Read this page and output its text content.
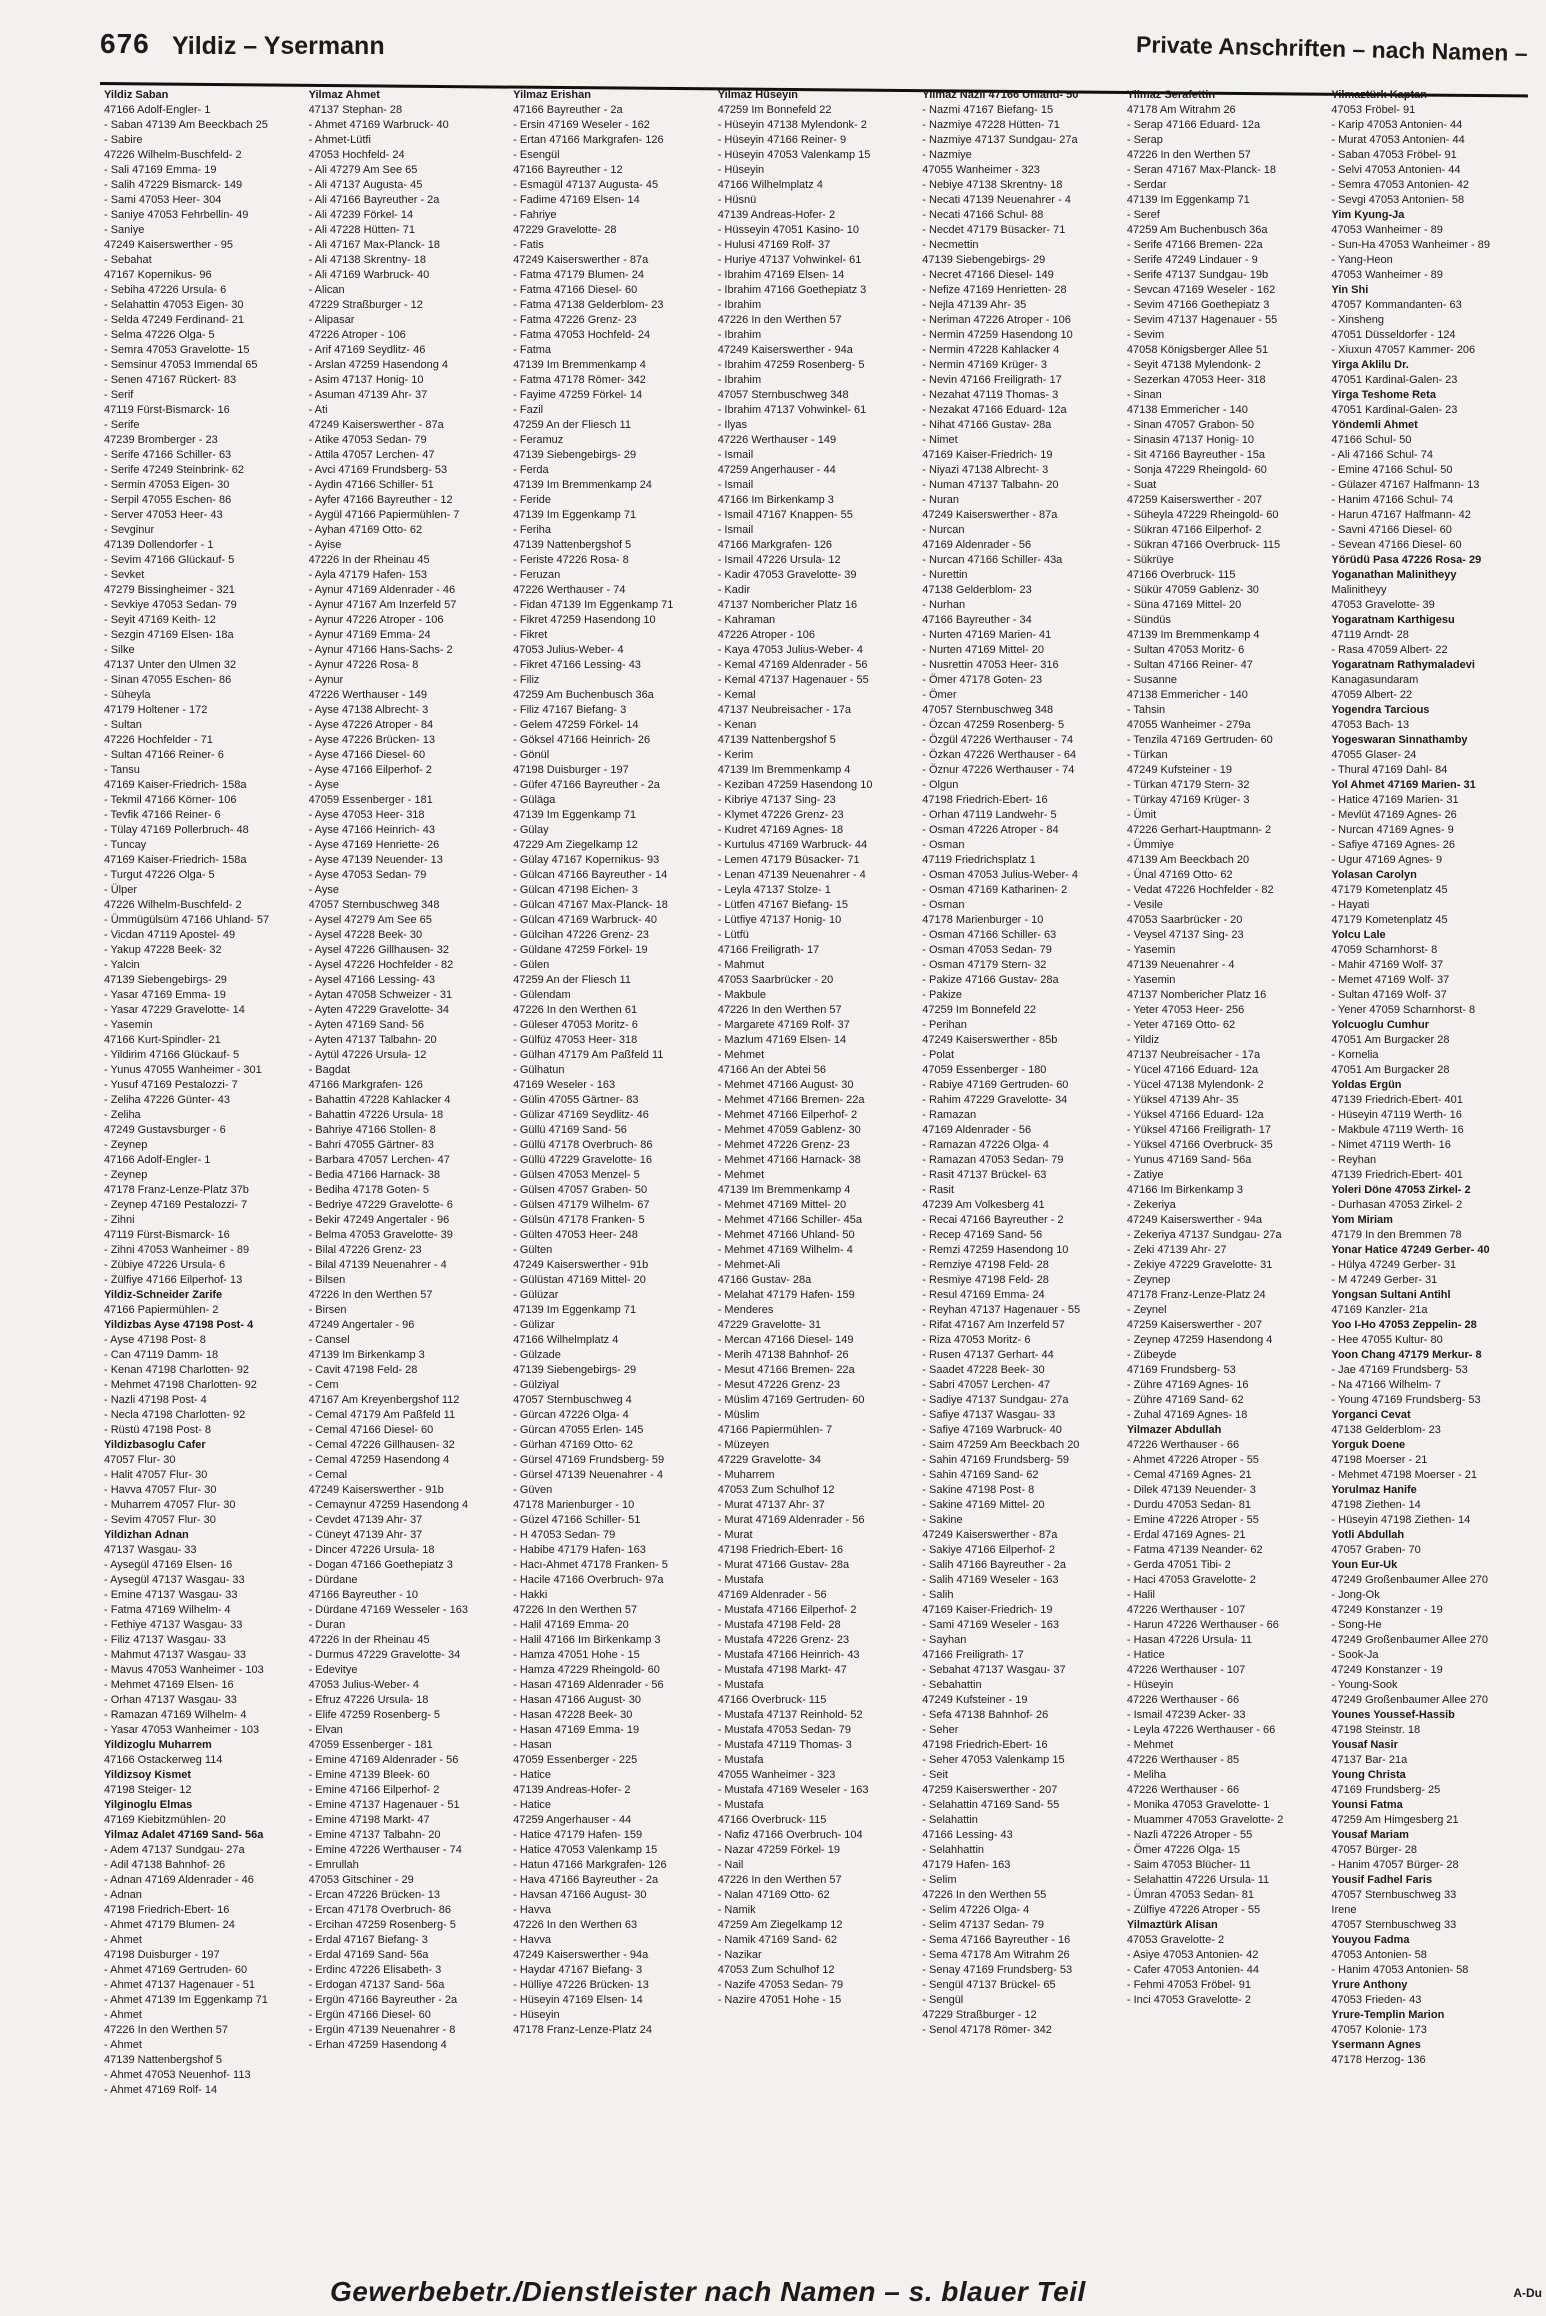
676 Yildiz – Ysermann	Private Anschriften – nach Namen –
Yildiz Saban
47166 Adolf-Engler- 1
- Saban 47139 Am Beeckbach 25
- Sabire
47226 Wilhelm-Buschfeld- 2
- Sali 47169 Emma- 19
- Salih 47229 Bismarck- 149
- Sami 47053 Heer- 304
- Saniye 47053 Fehrbellin- 49
- Saniye
47249 Kaiserswerther - 95
- Sebahat
47167 Kopernikus- 96
- Sebiha 47226 Ursula- 6
- Selahattin 47053 Eigen- 30
- Selda 47249 Ferdinand- 21
- Selma 47226 Olga- 5
- Semra 47053 Gravelotte- 15
- Semsinur 47053 Immendal 65
- Senen 47167 Rückert- 83
- Serif
47119 Fürst-Bismarck- 16
- Serife
47239 Bromberger - 23
- Serife 47166 Schiller- 63
- Serife 47249 Steinbrink- 62
- Sermin 47053 Eigen- 30
- Serpil 47055 Eschen- 86
- Server 47053 Heer- 43
- Sevginur
47139 Dollendorfer - 1
- Sevim 47166 Glückauf- 5
- Sevket
47279 Bissingheimer - 321
- Sevkiye 47053 Sedan- 79
- Seyit 47169 Keith- 12
- Sezgin 47169 Elsen- 18a
- Silke
47137 Unter den Ulmen 32
- Sinan 47055 Eschen- 86
- Süheyla
47179 Holtener - 172
- Sultan
47226 Hochfelder - 71
- Sultan 47166 Reiner- 6
- Tansu
47169 Kaiser-Friedrich- 158a
- Tekmil 47166 Körner- 106
- Tevfik 47166 Reiner- 6
- Tülay 47169 Pollerbruch- 48
- Tuncay
47169 Kaiser-Friedrich- 158a
- Turgut 47226 Olga- 5
- Ülper
47226 Wilhelm-Buschfeld- 2
- Ümmügülsüm 47166 Uhland- 57
- Vicdan 47119 Apostel- 49
- Yakup 47228 Beek- 32
- Yalcin
47139 Siebengebirgs- 29
- Yasar 47169 Emma- 19
- Yasar 47229 Gravelotte- 14
- Yasemin
47166 Kurt-Spindler- 21
- Yildirim 47166 Glückauf- 5
- Yunus 47055 Wanheimer - 301
- Yusuf 47169 Pestalozzi- 7
- Zeliha 47226 Günter- 43
- Zeliha
47249 Gustavsburger - 6
- Zeynep
47166 Adolf-Engler- 1
- Zeynep
47178 Franz-Lenze-Platz 37b
- Zeynep 47169 Pestalozzi- 7
- Zihni
47119 Fürst-Bismarck- 16
- Zihni 47053 Wanheimer - 89
- Zübiye 47226 Ursula- 6
- Zülfiye 47166 Eilperhof- 13
Yildiz-Schneider Zarife
47166 Papiermühlen- 2
Yildizbas Ayse 47198 Post- 4
- Ayse 47198 Post- 8
- Can 47119 Damm- 18
- Kenan 47198 Charlotten- 92
- Mehmet 47198 Charlotten- 92
- Nazli 47198 Post- 4
- Necla 47198 Charlotten- 92
- Rüstü 47198 Post- 8
Yildizbasoglu Cafer
47057 Flur- 30
- Halit 47057 Flur- 30
- Havva 47057 Flur- 30
- Muharrem 47057 Flur- 30
- Sevim 47057 Flur- 30
Yildizhan Adnan
47137 Wasgau- 33
- Aysegül 47169 Elsen- 16
- Aysegül 47137 Wasgau- 33
- Emine 47137 Wasgau- 33
- Fatma 47169 Wilhelm- 4
- Fethiye 47137 Wasgau- 33
- Filiz 47137 Wasgau- 33
- Mahmut 47137 Wasgau- 33
- Mavus 47053 Wanheimer - 103
- Mehmet 47169 Elsen- 16
- Orhan 47137 Wasgau- 33
- Ramazan 47169 Wilhelm- 4
- Yasar 47053 Wanheimer - 103
Yildizoglu Muharrem
47166 Ostackerweg 114
Yildizsoy Kismet
47198 Steiger- 12
Yilginoglu Elmas
47169 Kiebitzmühlen- 20
Yilmaz Adalet 47169 Sand- 56a
- Adem 47137 Sundgau- 27a
- Adil 47138 Bahnhof- 26
- Adnan 47169 Aldenrader - 46
- Adnan
47198 Friedrich-Ebert- 16
- Ahmet 47179 Blumen- 24
- Ahmet
47198 Duisburger - 197
- Ahmet 47169 Gertruden- 60
- Ahmet 47137 Hagenauer - 51
- Ahmet 47139 Im Eggenkamp 71
- Ahmet
47226 In den Werthen 57
- Ahmet
47139 Nattenbergshof 5
- Ahmet 47053 Neuenhof- 113
- Ahmet 47169 Rolf- 14
Yilmaz Ahmet
47137 Stephan- 28
- Ahmet 47169 Warbruck- 40
- Ahmet-Lütfi
47053 Hochfeld- 24
- Ali 47279 Am See 65
- Ali 47137 Augusta- 45
- Ali 47166 Bayreuther - 2a
- Ali 47239 Förkel- 14
- Ali 47228 Hütten- 71
- Ali 47167 Max-Planck- 18
- Ali 47138 Skrentny- 18
- Ali 47169 Warbruck- 40
- Alican
47229 Straßburger - 12
- Alipasar
47226 Atroper - 106
- Arif 47169 Seydlitz- 46
- Arslan 47259 Hasendong 4
- Asim 47137 Honig- 10
- Asuman 47139 Ahr- 37
- Ati
47249 Kaiserswerther - 87a
- Atike 47053 Sedan- 79
- Attila 47057 Lerchen- 47
- Avci 47169 Frundsberg- 53
- Aydin 47166 Schiller- 51
- Ayfer 47166 Bayreuther - 12
- Aygül 47166 Papiermühlen- 7
- Ayhan 47169 Otto- 62
- Ayise
47226 In der Rheinau 45
- Ayla 47179 Hafen- 153
- Aynur 47169 Aldenrader - 46
- Aynur 47167 Am Inzerfeld 57
- Aynur 47226 Atroper - 106
- Aynur 47169 Emma- 24
- Aynur 47166 Hans-Sachs- 2
- Aynur 47226 Rosa- 8
- Aynur
47226 Werthauser - 149
- Ayse 47138 Albrecht- 3
- Ayse 47226 Atroper - 84
- Ayse 47226 Brücken- 13
- Ayse 47166 Diesel- 60
- Ayse 47166 Eilperhof- 2
- Ayse
47059 Essenberger - 181
- Ayse 47053 Heer- 318
- Ayse 47166 Heinrich- 43
- Ayse 47169 Henriette- 26
- Ayse 47139 Neuender- 13
- Ayse 47053 Sedan- 79
- Ayse
47057 Sternbuschweg 348
- Aysel 47279 Am See 65
- Aysel 47228 Beek- 30
- Aysel 47226 Gillhausen- 32
- Aysel 47226 Hochfelder - 82
- Aysel 47166 Lessing- 43
- Aytan 47058 Schweizer - 31
- Ayten 47229 Gravelotte- 34
- Ayten 47169 Sand- 56
- Ayten 47137 Talbahn- 20
- Aytül 47226 Ursula- 12
- Bagdat
47166 Markgrafen- 126
- Bahattin 47228 Kahlacker 4
- Bahattin 47226 Ursula- 18
- Bahriye 47166 Stollen- 8
- Bahri 47055 Gärtner- 83
- Barbara 47057 Lerchen- 47
- Bedia 47166 Harnack- 38
- Bediha 47178 Goten- 5
- Bedriye 47229 Gravelotte- 6
- Bekir 47249 Angertaler - 96
- Belma 47053 Gravelotte- 39
- Bilal 47226 Grenz- 23
- Bilal 47139 Neuenahrer - 4
- Bilsen
47226 In den Werthen 57
- Birsen
47249 Angertaler - 96
- Cansel
47139 Im Birkenkamp 3
- Cavit 47198 Feld- 28
- Cem
47167 Am Kreyenbergshof 112
- Cemal 47179 Am Paßfeld 11
- Cemal 47166 Diesel- 60
- Cemal 47226 Gillhausen- 32
- Cemal 47259 Hasendong 4
- Cemal
47249 Kaiserswerther - 91b
- Cemaynur 47259 Hasendong 4
- Cevdet 47139 Ahr- 37
- Cüneyt 47139 Ahr- 37
- Dincer 47226 Ursula- 18
- Dogan 47166 Goethepiatz 3
- Dürdane
47166 Bayreuther - 10
- Dürdane 47169 Wesseler - 163
- Duran
47226 In der Rheinau 45
- Durmus 47229 Gravelotte- 34
- Edevitye
47053 Julius-Weber- 4
- Efruz 47226 Ursula- 18
- Elife 47259 Rosenberg- 5
- Elvan
47059 Essenberger - 181
- Emine 47169 Aldenrader - 56
- Emine 47139 Bleek- 60
- Emine 47166 Eilperhof- 2
- Emine 47137 Hagenauer - 51
- Emine 47198 Markt- 47
- Emine 47137 Talbahn- 20
- Emine 47226 Werthauser - 74
- Emrullah
47053 Gitschiner - 29
- Ercan 47226 Brücken- 13
- Ercan 47178 Overbruch- 86
- Ercihan 47259 Rosenberg- 5
- Erdal 47167 Biefang- 3
- Erdal 47169 Sand- 56a
- Erdinc 47226 Elisabeth- 3
- Erdogan 47137 Sand- 56a
- Ergün 47166 Bayreuther - 2a
- Ergün 47166 Diesel- 60
- Ergün 47139 Neuenahrer - 8
- Erhan 47259 Hasendong 4
Yilmaz Erishan
47166 Bayreuther - 2a
- Ersin 47169 Weseler - 162
- Ertan 47166 Markgrafen- 126
- Esengül
47166 Bayreuther - 12
- Esmagül 47137 Augusta- 45
- Fadime 47169 Elsen- 14
- Fahriye
47229 Gravelotte- 28
- Fatis
47249 Kaiserswerther - 87a
- Fatma 47179 Blumen- 24
- Fatma 47166 Diesel- 60
- Fatma 47138 Gelderblom- 23
- Fatma 47226 Grenz- 23
- Fatma 47053 Hochfeld- 24
- Fatma
47139 Im Bremmenkamp 4
- Fatma 47178 Römer- 342
- Fayime 47259 Förkel- 14
- Fazil
47259 An der Fliesch 11
- Feramuz
47139 Siebengebirgs- 29
- Ferda
47139 Im Bremmenkamp 24
- Feride
47139 Im Eggenkamp 71
- Feriha
47139 Nattenbergshof 5
- Feriste 47226 Rosa- 8
- Feruzan
47226 Werthauser - 74
- Fidan 47139 Im Eggenkamp 71
- Fikret 47259 Hasendong 10
- Fikret
47053 Julius-Weber- 4
- Fikret 47166 Lessing- 43
- Filiz
47259 Am Buchenbusch 36a
- Filiz 47167 Biefang- 3
- Gelem 47259 Förkel- 14
- Göksel 47166 Heinrich- 26
- Gönül
47198 Duisburger - 197
- Güfer 47166 Bayreuther - 2a
- Güläga
47139 Im Eggenkamp 71
- Gülay
47229 Am Ziegelkamp 12
- Gülay 47167 Kopernikus- 93
- Gülcan 47166 Bayreuther - 14
- Gülcan 47198 Eichen- 3
- Gülcan 47167 Max-Planck- 18
- Gülcan 47169 Warbruck- 40
- Gülcihan 47226 Grenz- 23
- Güldane 47259 Förkel- 19
- Gülen
47259 An der Fliesch 11
- Gülendam
47226 In den Werthen 61
- Güleser 47053 Moritz- 6
- Gülfüz 47053 Heer- 318
- Gülhan 47179 Am Paßfeld 11
- Gülhatun
47169 Weseler - 163
- Gülin 47055 Gärtner- 83
- Gülizar 47169 Seydlitz- 46
- Güllü 47169 Sand- 56
- Güllü 47178 Overbruch- 86
- Güllü 47229 Gravelotte- 16
- Gülsen 47053 Menzel- 5
- Gülsen 47057 Graben- 50
- Gülsen 47179 Wilhelm- 67
- Gülsün 47178 Franken- 5
- Gülten 47053 Heer- 248
- Gülten
47249 Kaiserswerther - 91b
- Gülüstan 47169 Mittel- 20
- Gülüzar
47139 Im Eggenkamp 71
- Gülizar
47166 Wilhelmplatz 4
- Gülzade
47139 Siebengebirgs- 29
- Gülziyal
47057 Sternbuschweg 4
- Gürcan 47226 Olga- 4
- Gürcan 47055 Erlen- 145
- Gürhan 47169 Otto- 62
- Gürsel 47169 Frundsberg- 59
- Gürsel 47139 Neuenahrer - 4
- Güven
47178 Marienburger - 10
- Güzel 47166 Schiller- 51
- H 47053 Sedan- 79
- Habibe 47179 Hafen- 163
- Hacı-Ahmet 47178 Franken- 5
- Hacile 47166 Overbruch- 97a
- Hakki
47226 In den Werthen 57
- Halil 47169 Emma- 20
- Halil 47166 Im Birkenkamp 3
- Hamza 47051 Hohe - 15
- Hamza 47229 Rheingold- 60
- Hasan 47169 Aldenrader - 56
- Hasan 47166 August- 30
- Hasan 47228 Beek- 30
- Hasan 47169 Emma- 19
- Hasan
47059 Essenberger - 225
- Hatice
47139 Andreas-Hofer- 2
- Hatice
47259 Angerhauser - 44
- Hatice 47179 Hafen- 159
- Hatice 47053 Valenkamp 15
- Hatun 47166 Markgrafen- 126
- Hava 47166 Bayreuther - 2a
- Havsan 47166 August- 30
- Havva
47226 In den Werthen 63
- Havva
47249 Kaiserswerther - 94a
- Haydar 47167 Biefang- 3
- Hülliye 47226 Brücken- 13
- Hüseyin 47169 Elsen- 14
- Hüseyin
47178 Franz-Lenze-Platz 24
Yilmaz Hüseyin
47259 Im Bonnefeld 22
- Hüseyin 47138 Mylendonk- 2
- Hüseyin 47166 Reiner- 9
- Hüseyin 47053 Valenkamp 15
- Hüseyin
47166 Wilhelmplatz 4
- Hüsnü
47139 Andreas-Hofer- 2
- Hüsseyin 47051 Kasino- 10
- Hulusi 47169 Rolf- 37
- Huriye 47137 Vohwinkel- 61
- Ibrahim 47169 Elsen- 14
- Ibrahim 47166 Goethepiatz 3
- Ibrahim
47226 In den Werthen 57
- Ibrahim
47249 Kaiserswerther - 94a
- Ibrahim 47259 Rosenberg- 5
- Ibrahim
47057 Sternbuschweg 348
- Ibrahim 47137 Vohwinkel- 61
- Ilyas
47226 Werthauser - 149
- Ismail
47259 Angerhauser - 44
- Ismail
47166 Im Birkenkamp 3
- Ismail 47167 Knappen- 55
- Ismail
47166 Markgrafen- 126
- Ismail 47226 Ursula- 12
- Kadir 47053 Gravelotte- 39
- Kadir
47137 Nombericher Platz 16
- Kahraman
47226 Atroper - 106
- Kaya 47053 Julius-Weber- 4
- Kemal 47169 Aldenrader - 56
- Kemal 47137 Hagenauer - 55
- Kemal
47137 Neubreisacher - 17a
- Kenan
47139 Nattenbergshof 5
- Kerim
47139 Im Bremmenkamp 4
- Keziban 47259 Hasendong 10
- Kibriye 47137 Sing- 23
- Klymet 47226 Grenz- 23
- Kudret 47169 Agnes- 18
- Kurtulus 47169 Warbruck- 44
- Lemen 47179 Büsacker- 71
- Lenan 47139 Neuenahrer - 4
- Leyla 47137 Stolze- 1
- Lütfen 47167 Biefang- 15
- Lütfiye 47137 Honig- 10
- Lütfü
47166 Freiligrath- 17
- Mahmut
47053 Saarbrücker - 20
- Makbule
47226 In den Werthen 57
- Margarete 47169 Rolf- 37
- Mazlum 47169 Elsen- 14
- Mehmet
47166 An der Abtei 56
- Mehmet 47166 August- 30
- Mehmet 47166 Bremen- 22a
- Mehmet 47166 Eilperhof- 2
- Mehmet 47059 Gablenz- 30
- Mehmet 47226 Grenz- 23
- Mehmet 47166 Harnack- 38
- Mehmet
47139 Im Bremmenkamp 4
- Mehmet 47169 Mittel- 20
- Mehmet 47166 Schiller- 45a
- Mehmet 47166 Uhland- 50
- Mehmet 47169 Wilhelm- 4
- Mehmet-Ali
47166 Gustav- 28a
- Melahat 47179 Hafen- 159
- Menderes
47229 Gravelotte- 31
- Mercan 47166 Diesel- 149
- Merih 47138 Bahnhof- 26
- Mesut 47166 Bremen- 22a
- Mesut 47226 Grenz- 23
- Müslim 47169 Gertruden- 60
- Müslim
47166 Papiermühlen- 7
- Müzeyen
47229 Gravelotte- 34
- Muharrem
47053 Zum Schulhof 12
- Murat 47137 Ahr- 37
- Murat 47169 Aldenrader - 56
- Murat
47198 Friedrich-Ebert- 16
- Murat 47166 Gustav- 28a
- Mustafa
47169 Aldenrader - 56
- Mustafa 47166 Eilperhof- 2
- Mustafa 47198 Feld- 28
- Mustafa 47226 Grenz- 23
- Mustafa 47166 Heinrich- 43
- Mustafa 47198 Markt- 47
- Mustafa
47166 Overbruck- 115
- Mustafa 47137 Reinhold- 52
- Mustafa 47053 Sedan- 79
- Mustafa 47119 Thomas- 3
- Mustafa
47055 Wanheimer - 323
- Mustafa 47169 Weseler - 163
- Mustafa
47166 Overbruck- 115
- Nafiz 47166 Overbruch- 104
- Nazar 47259 Förkel- 19
- Nail
47226 In den Werthen 57
- Nalan 47169 Otto- 62
- Namik
47259 Am Ziegelkamp 12
- Namik 47169 Sand- 62
- Nazikar
47053 Zum Schulhof 12
- Nazife 47053 Sedan- 79
- Nazire 47051 Hohe - 15
Yilmaz Nazli 47166 Uhland- 50
- Nazmi 47167 Biefang- 15
- Nazmiye 47228 Hütten- 71
- Nazmiye 47137 Sundgau- 27a
- Nazmiye
47055 Wanheimer - 323
- Nebiye 47138 Skrentny- 18
- Necati 47139 Neuenahrer - 4
- Necati 47166 Schul- 88
- Necdet 47179 Büsacker- 71
- Necmettin
47139 Siebengebirgs- 29
- Necret 47166 Diesel- 149
- Nefize 47169 Henrietten- 28
- Nejla 47139 Ahr- 35
- Neriman 47226 Atroper - 106
- Nermin 47259 Hasendong 10
- Nermin 47228 Kahlacker 4
- Nermin 47169 Krüger- 3
- Nevin 47166 Freiligrath- 17
- Nezahat 47119 Thomas- 3
- Nezakat 47166 Eduard- 12a
- Nihat 47166 Gustav- 28a
- Nimet
47169 Kaiser-Friedrich- 19
- Niyazi 47138 Albrecht- 3
- Numan 47137 Talbahn- 20
- Nuran
47249 Kaiserswerther - 87a
- Nurcan
47169 Aldenrader - 56
- Nurcan 47166 Schiller- 43a
- Nurettin
47138 Gelderblom- 23
- Nurhan
47166 Bayreuther - 34
- Nurten 47169 Marien- 41
- Nurten 47169 Mittel- 20
- Nusrettin 47053 Heer- 316
- Ömer 47178 Goten- 23
- Ömer
47057 Sternbuschweg 348
- Özcan 47259 Rosenberg- 5
- Özgül 47226 Werthauser - 74
- Özkan 47226 Werthauser - 64
- Öznur 47226 Werthauser - 74
- Olgun
47198 Friedrich-Ebert- 16
- Orhan 47119 Landwehr- 5
- Osman 47226 Atroper - 84
- Osman
47119 Friedrichsplatz 1
- Osman 47053 Julius-Weber- 4
- Osman 47169 Katharinen- 2
- Osman
47178 Marienburger - 10
- Osman 47166 Schiller- 63
- Osman 47053 Sedan- 79
- Osman 47179 Stern- 32
- Pakize 47166 Gustav- 28a
- Pakize
47259 Im Bonnefeld 22
- Perihan
47249 Kaiserswerther - 85b
- Polat
47059 Essenberger - 180
- Rabiye 47169 Gertruden- 60
- Rahim 47229 Gravelotte- 34
- Ramazan
47169 Aldenrader - 56
- Ramazan 47226 Olga- 4
- Ramazan 47053 Sedan- 79
- Rasit 47137 Brückel- 63
- Rasit
47239 Am Volkesberg 41
- Recai 47166 Bayreuther - 2
- Recep 47169 Sand- 56
- Remzi 47259 Hasendong 10
- Remziye 47198 Feld- 28
- Resmiye 47198 Feld- 28
- Resul 47169 Emma- 24
- Reyhan 47137 Hagenauer - 55
- Rifat 47167 Am Inzerfeld 57
- Riza 47053 Moritz- 6
- Rusen 47137 Gerhart- 44
- Saadet 47228 Beek- 30
- Sabri 47057 Lerchen- 47
- Sadiye 47137 Sundgau- 27a
- Safiye 47137 Wasgau- 33
- Safiye 47169 Warbruck- 40
- Saim 47259 Am Beeckbach 20
- Sahin 47169 Frundsberg- 59
- Sahin 47169 Sand- 62
- Sakine 47198 Post- 8
- Sakine 47169 Mittel- 20
- Sakine
47249 Kaiserswerther - 87a
- Sakiye 47166 Eilperhof- 2
- Salih 47166 Bayreuther - 2a
- Salih 47169 Weseler - 163
- Salih
47169 Kaiser-Friedrich- 19
- Sami 47169 Weseler - 163
- Sayhan
47166 Freiligrath- 17
- Sebahat 47137 Wasgau- 37
- Sebahattin
47249 Kufsteiner - 19
- Sefa 47138 Bahnhof- 26
- Seher
47198 Friedrich-Ebert- 16
- Seher 47053 Valenkamp 15
- Seit
47259 Kaiserswerther - 207
- Selahattin 47169 Sand- 55
- Selahattin
47166 Lessing- 43
- Selahhattin
47179 Hafen- 163
- Selim
47226 In den Werthen 55
- Selim 47226 Olga- 4
- Selim 47137 Sedan- 79
- Sema 47166 Bayreuther - 16
- Sema 47178 Am Witrahm 26
- Senay 47169 Frundsberg- 53
- Sengül 47137 Brückel- 65
- Sengül
47229 Straßburger - 12
- Senol 47178 Römer- 342
Yilmaz Serafettin
47178 Am Witrahm 26
- Serap 47166 Eduard- 12a
- Serap
47226 In den Werthen 57
- Seran 47167 Max-Planck- 18
- Serdar
47139 Im Eggenkamp 71
- Seref
47259 Am Buchenbusch 36a
- Serife 47166 Bremen- 22a
- Serife 47249 Lindauer - 9
- Serife 47137 Sundgau- 19b
- Sevcan 47169 Weseler - 162
- Sevim 47166 Goethepiatz 3
- Sevim 47137 Hagenauer - 55
- Sevim
47058 Königsberger Allee 51
- Seyit 47138 Mylendonk- 2
- Sezerkan 47053 Heer- 318
- Sinan
47138 Emmericher - 140
- Sinan 47057 Grabon- 50
- Sinasin 47137 Honig- 10
- Sit 47166 Bayreuther - 15a
- Sonja 47229 Rheingold- 60
- Suat
47259 Kaiserswerther - 207
- Süheyla 47229 Rheingold- 60
- Sükran 47166 Eilperhof- 2
- Sükran 47166 Overbruck- 115
- Sükrüye
47166 Overbruck- 115
- Sükür 47059 Gablenz- 30
- Süna 47169 Mittel- 20
- Sündüs
47139 Im Bremmenkamp 4
- Sultan 47053 Moritz- 6
- Sultan 47166 Reiner- 47
- Susanne
47138 Emmericher - 140
- Tahsin
47055 Wanheimer - 279a
- Tenzila 47169 Gertruden- 60
- Türkan
47249 Kufsteiner - 19
- Türkan 47179 Stern- 32
- Türkay 47169 Krüger- 3
- Ümit
47226 Gerhart-Hauptmann- 2
- Ümmiye
47139 Am Beeckbach 20
- Ünal 47169 Otto- 62
- Vedat 47226 Hochfelder - 82
- Vesile
47053 Saarbrücker - 20
- Veysel 47137 Sing- 23
- Yasemin
47139 Neuenahrer - 4
- Yasemin
47137 Nombericher Platz 16
- Yeter 47053 Heer- 256
- Yeter 47169 Otto- 62
- Yildiz
47137 Neubreisacher - 17a
- Yücel 47166 Eduard- 12a
- Yücel 47138 Mylendonk- 2
- Yüksel 47139 Ahr- 35
- Yüksel 47166 Eduard- 12a
- Yüksel 47166 Freiligrath- 17
- Yüksel 47166 Overbruck- 35
- Yunus 47169 Sand- 56a
- Zatiye
47166 Im Birkenkamp 3
- Zekeriya
47249 Kaiserswerther - 94a
- Zekeriya 47137 Sundgau- 27a
- Zeki 47139 Ahr- 27
- Zekiye 47229 Gravelotte- 31
- Zeynep
47178 Franz-Lenze-Platz 24
- Zeynel
47259 Kaiserswerther - 207
- Zeynep 47259 Hasendong 4
- Zübeyde
47169 Frundsberg- 53
- Zühre 47169 Agnes- 16
- Zühre 47169 Sand- 62
- Zuhal 47169 Agnes- 18
Yilmazer Abdullah
47226 Werthauser - 66
- Ahmet 47226 Atroper - 55
- Cemal 47169 Agnes- 21
- Dilek 47139 Neuender- 3
- Durdu 47053 Sedan- 81
- Emine 47226 Atroper - 55
- Erdal 47169 Agnes- 21
- Fatma 47139 Neander- 62
- Gerda 47051 Tibi- 2
- Haci 47053 Gravelotte- 2
- Halil
47226 Werthauser - 107
- Harun 47226 Werthauser - 66
- Hasan 47226 Ursula- 11
- Hatice
47226 Werthauser - 107
- Hüseyin
47226 Werthauser - 66
- Ismail 47239 Acker- 33
- Leyla 47226 Werthauser - 66
- Mehmet
47226 Werthauser - 85
- Meliha
47226 Werthauser - 66
- Monika 47053 Gravelotte- 1
- Muammer 47053 Gravelotte- 2
- Nazli 47226 Atroper - 55
- Ömer 47226 Olga- 15
- Saim 47053 Blücher- 11
- Selahattin 47226 Ursula- 11
- Ümran 47053 Sedan- 81
- Zülfiye 47226 Atroper - 55
Yilmaztürk Alisan
47053 Gravelotte- 2
- Asiye 47053 Antonien- 42
- Cafer 47053 Antonien- 44
- Fehmi 47053 Fröbel- 91
- Inci 47053 Gravelotte- 2
Yilmaztürk Kaptan
47053 Fröbel- 91
- Karip 47053 Antonien- 44
- Murat 47053 Antonien- 44
- Saban 47053 Fröbel- 91
- Selvi 47053 Antonien- 44
- Semra 47053 Antonien- 42
- Sevgi 47053 Antonien- 58
Yim Kyung-Ja
47053 Wanheimer - 89
- Sun-Ha 47053 Wanheimer - 89
- Yang-Heon
47053 Wanheimer - 89
Yin Shi
47057 Kommandanten- 63
- Xinsheng
47051 Düsseldorfer - 124
- Xiuxun 47057 Kammer- 206
Yirga Aklilu Dr.
47051 Kardinal-Galen- 23
Yirga Teshome Reta
47051 Kardinal-Galen- 23
Yöndemli Ahmet
47166 Schul- 50
- Ali 47166 Schul- 74
- Emine 47166 Schul- 50
- Gülazer 47167 Halfmann- 13
- Hanim 47166 Schul- 74
- Harun 47167 Halfmann- 42
- Savni 47166 Diesel- 60
- Sevean 47166 Diesel- 60
Yörüdü Pasa 47226 Rosa- 29
Yoganathan Malinitheyy
Malinitheyy
47053 Gravelotte- 39
Yogaratnam Karthigesu
47119 Arndt- 28
- Rasa 47059 Albert- 22
Yogaratnam Rathymaladevi
Kanagasundaram
47059 Albert- 22
Yogendra Tarcious
47053 Bach- 13
Yogeswaran Sinnathamby
47055 Glaser- 24
- Thural 47169 Dahl- 84
Yol Ahmet 47169 Marien- 31
- Hatice 47169 Marien- 31
- Mevlüt 47169 Agnes- 26
- Nurcan 47169 Agnes- 9
- Safiye 47169 Agnes- 26
- Ugur 47169 Agnes- 9
Yolasan Carolyn
47179 Kometenplatz 45
- Hayati
47179 Kometenplatz 45
Yolcu Lale
47059 Scharnhorst- 8
- Mahir 47169 Wolf- 37
- Memet 47169 Wolf- 37
- Sultan 47169 Wolf- 37
- Yener 47059 Scharnhorst- 8
Yolcuoglu Cumhur
47051 Am Burgacker 28
- Kornelia
47051 Am Burgacker 28
Yoldas Ergün
47139 Friedrich-Ebert- 401
- Hüseyin 47119 Werth- 16
- Makbule 47119 Werth- 16
- Nimet 47119 Werth- 16
- Reyhan
47139 Friedrich-Ebert- 401
Yoleri Döne 47053 Zirkel- 2
- Durhasan 47053 Zirkel- 2
Yom Miriam
47179 In den Bremmen 78
Yonar Hatice 47249 Gerber- 40
- Hülya 47249 Gerber- 31
- M 47249 Gerber- 31
Yongsan Sultani Antihl
47169 Kanzler- 21a
Yoo I-Ho 47053 Zeppelin- 28
- Hee 47055 Kultur- 80
Yoon Chang 47179 Merkur- 8
- Jae 47169 Frundsberg- 53
- Na 47166 Wilhelm- 7
- Young 47169 Frundsberg- 53
Yorganci Cevat
47138 Gelderblom- 23
Yorguk Doene
47198 Moerser - 21
- Mehmet 47198 Moerser - 21
Yorulmaz Hanife
47198 Ziethen- 14
- Hüseyin 47198 Ziethen- 14
Yotli Abdullah
47057 Graben- 70
Youn Eur-Uk
47249 Großenbaumer Allee 270
- Jong-Ok
47249 Konstanzer - 19
- Song-He
47249 Großenbaumer Allee 270
- Sook-Ja
47249 Konstanzer - 19
- Young-Sook
47249 Großenbaumer Allee 270
Younes Youssef-Hassib
47198 Steinstr. 18
Yousaf Nasir
47137 Bar- 21a
Young Christa
47169 Frundsberg- 25
Younsi Fatma
47259 Am Himgesberg 21
Yousaf Mariam
47057 Bürger- 28
- Hanim 47057 Bürger- 28
Yousif Fadhel Faris
47057 Sternbuschweg 33
Irene
47057 Sternbuschweg 33
Youyou Fadma
47053 Antonien- 58
- Hanim 47053 Antonien- 58
Yrure Anthony
47053 Frieden- 43
Yrure-Templin Marion
47057 Kolonie- 173
Ysermann Agnes
47178 Herzog- 136
Gewerbebetr./Dienstleister nach Namen – s. blauer Teil	A-Du
